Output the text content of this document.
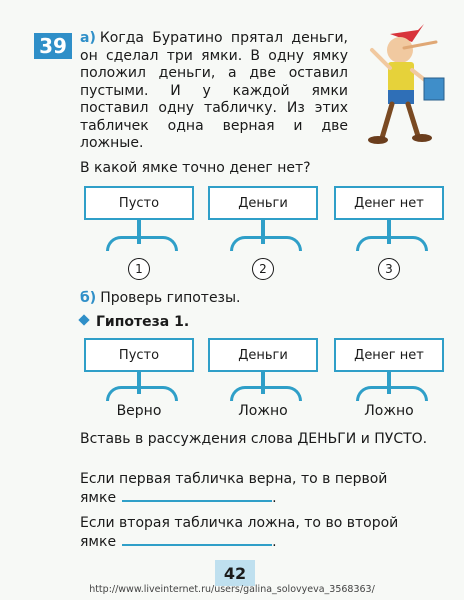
39 а) Когда Буратино прятал деньги, он сделал три ямки. В одну ямку положил деньги, а две оставил пустыми. И у каждой ямки поставил одну табличку. Из этих табличек одна верная и две ложные.
В какой ямке точно денег нет?
Пусто
1
Деньги
2
Денег нет
3
б) Проверь гипотезы.
Гипотеза 1.
Пусто	Деньги	Денег нет
Верно	Ложно	Ложно
Вставь в рассуждения слова ДЕНЬГИ и ПУСТО.
Если первая табличка верна, то в первой
ямке	.
Если вторая табличка ложна, то во второй
ямке	.
42
http://www.liveinternet.ru/users/galina_solovyeva_3568363/
